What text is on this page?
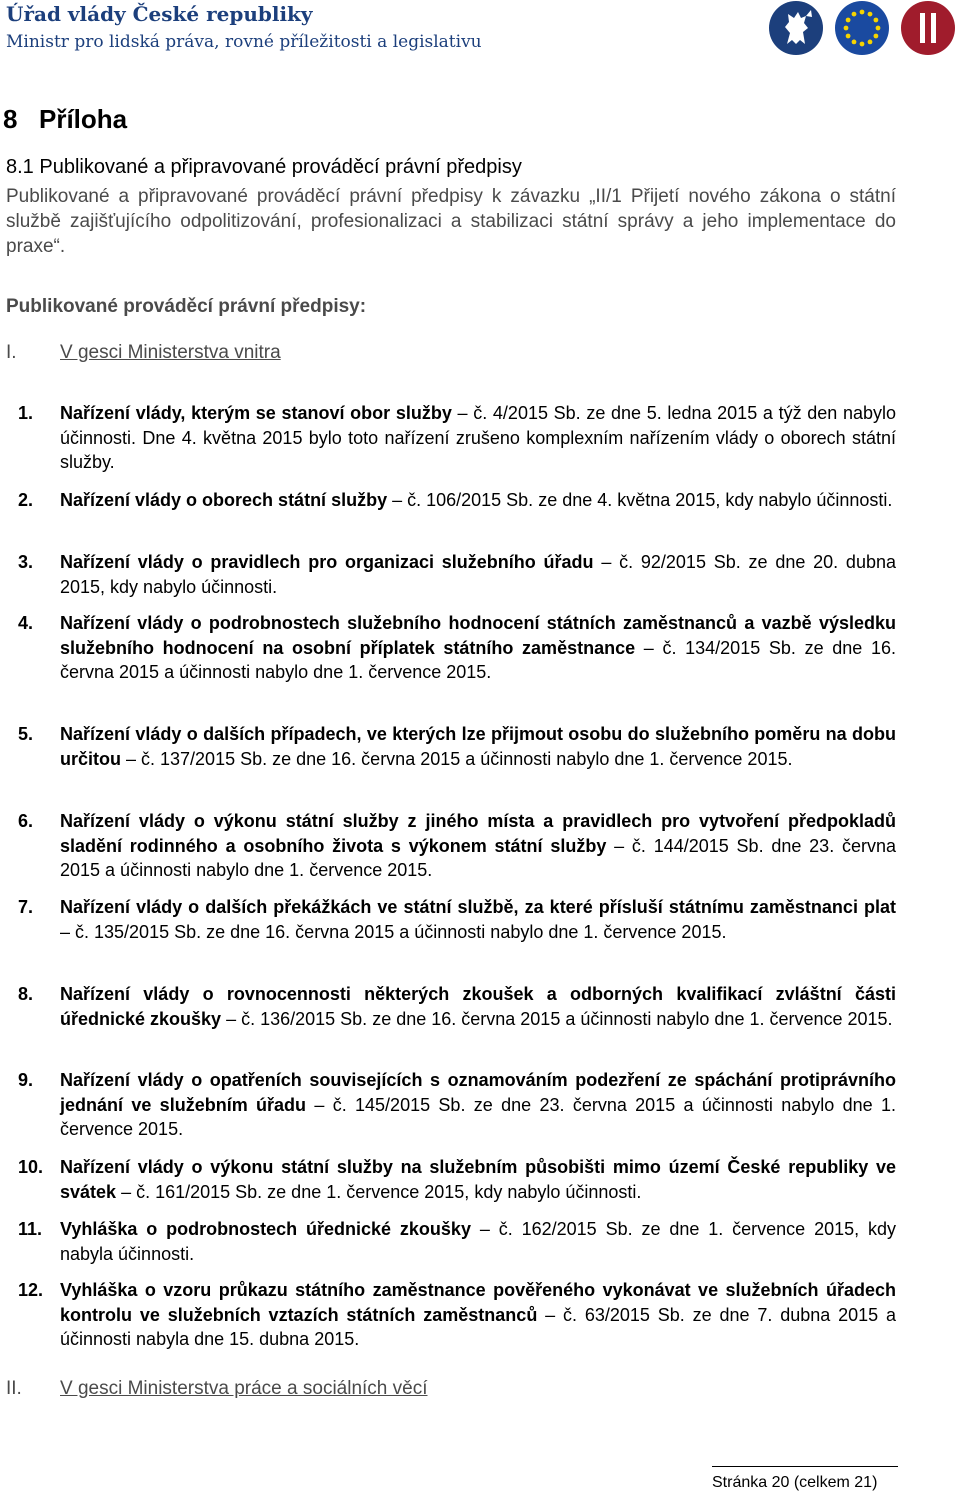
Úřad vlády České republiky
Ministr pro lidská práva, rovné příležitosti a legislativu
8 Příloha
8.1 Publikované a připravované prováděcí právní předpisy
Publikované a připravované prováděcí právní předpisy k závazku „II/1 Přijetí nového zákona o státní službě zajišťujícího odpolitizování, profesionalizaci a stabilizaci státní správy a jeho implementace do praxe“.
Publikované prováděcí právní předpisy:
I. V gesci Ministerstva vnitra
1.	Nařízení vlády, kterým se stanoví obor služby – č. 4/2015 Sb. ze dne 5. ledna 2015 a týž den nabylo účinnosti. Dne 4. května 2015 bylo toto nařízení zrušeno komplexním nařízením vlády o oborech státní služby.
2.	Nařízení vlády o oborech státní služby – č. 106/2015 Sb. ze dne 4. května 2015, kdy nabylo účinnosti.
3.	Nařízení vlády o pravidlech pro organizaci služebního úřadu – č. 92/2015 Sb. ze dne 20. dubna 2015, kdy nabylo účinnosti.
4.	Nařízení vlády o podrobnostech služebního hodnocení státních zaměstnanců a vazbě výsledku služebního hodnocení na osobní příplatek státního zaměstnance – č. 134/2015 Sb. ze dne 16. června 2015 a účinnosti nabylo dne 1. července 2015.
5.	Nařízení vlády o dalších případech, ve kterých lze přijmout osobu do služebního poměru na dobu určitou – č. 137/2015 Sb. ze dne 16. června 2015 a účinnosti nabylo dne 1. července 2015.
6.	Nařízení vlády o výkonu státní služby z jiného místa a pravidlech pro vytvoření předpokladů sladění rodinného a osobního života s výkonem státní služby – č. 144/2015 Sb. dne 23. června 2015 a účinnosti nabylo dne 1. července 2015.
7.	Nařízení vlády o dalších překážkách ve státní službě, za které přísluší státnímu zaměstnanci plat – č. 135/2015 Sb. ze dne 16. června 2015 a účinnosti nabylo dne 1. července 2015.
8.	Nařízení vlády o rovnocennosti některých zkoušek a odborných kvalifikací zvláštní části úřednické zkoušky – č. 136/2015 Sb. ze dne 16. června 2015 a účinnosti nabylo dne 1. července 2015.
9.	Nařízení vlády o opatřeních souvisejících s oznamováním podezření ze spáchání protiprávního jednání ve služebním úřadu – č. 145/2015 Sb. ze dne 23. června 2015 a účinnosti nabylo dne 1. července 2015.
10. Nařízení vlády o výkonu státní služby na služebním působišti mimo území České republiky ve svátek – č. 161/2015 Sb. ze dne 1. července 2015, kdy nabylo účinnosti.
11. Vyhláška o podrobnostech úřednické zkoušky – č. 162/2015 Sb. ze dne 1. července 2015, kdy nabyla účinnosti.
12. Vyhláška o vzoru průkazu státního zaměstnance pověřeného vykonávat ve služebních úřadech kontrolu ve služebních vztazích státních zaměstnanců – č. 63/2015 Sb. ze dne 7. dubna 2015 a účinnosti nabyla dne 15. dubna 2015.
II. V gesci Ministerstva práce a sociálních věcí
Stránka 20 (celkem 21)
